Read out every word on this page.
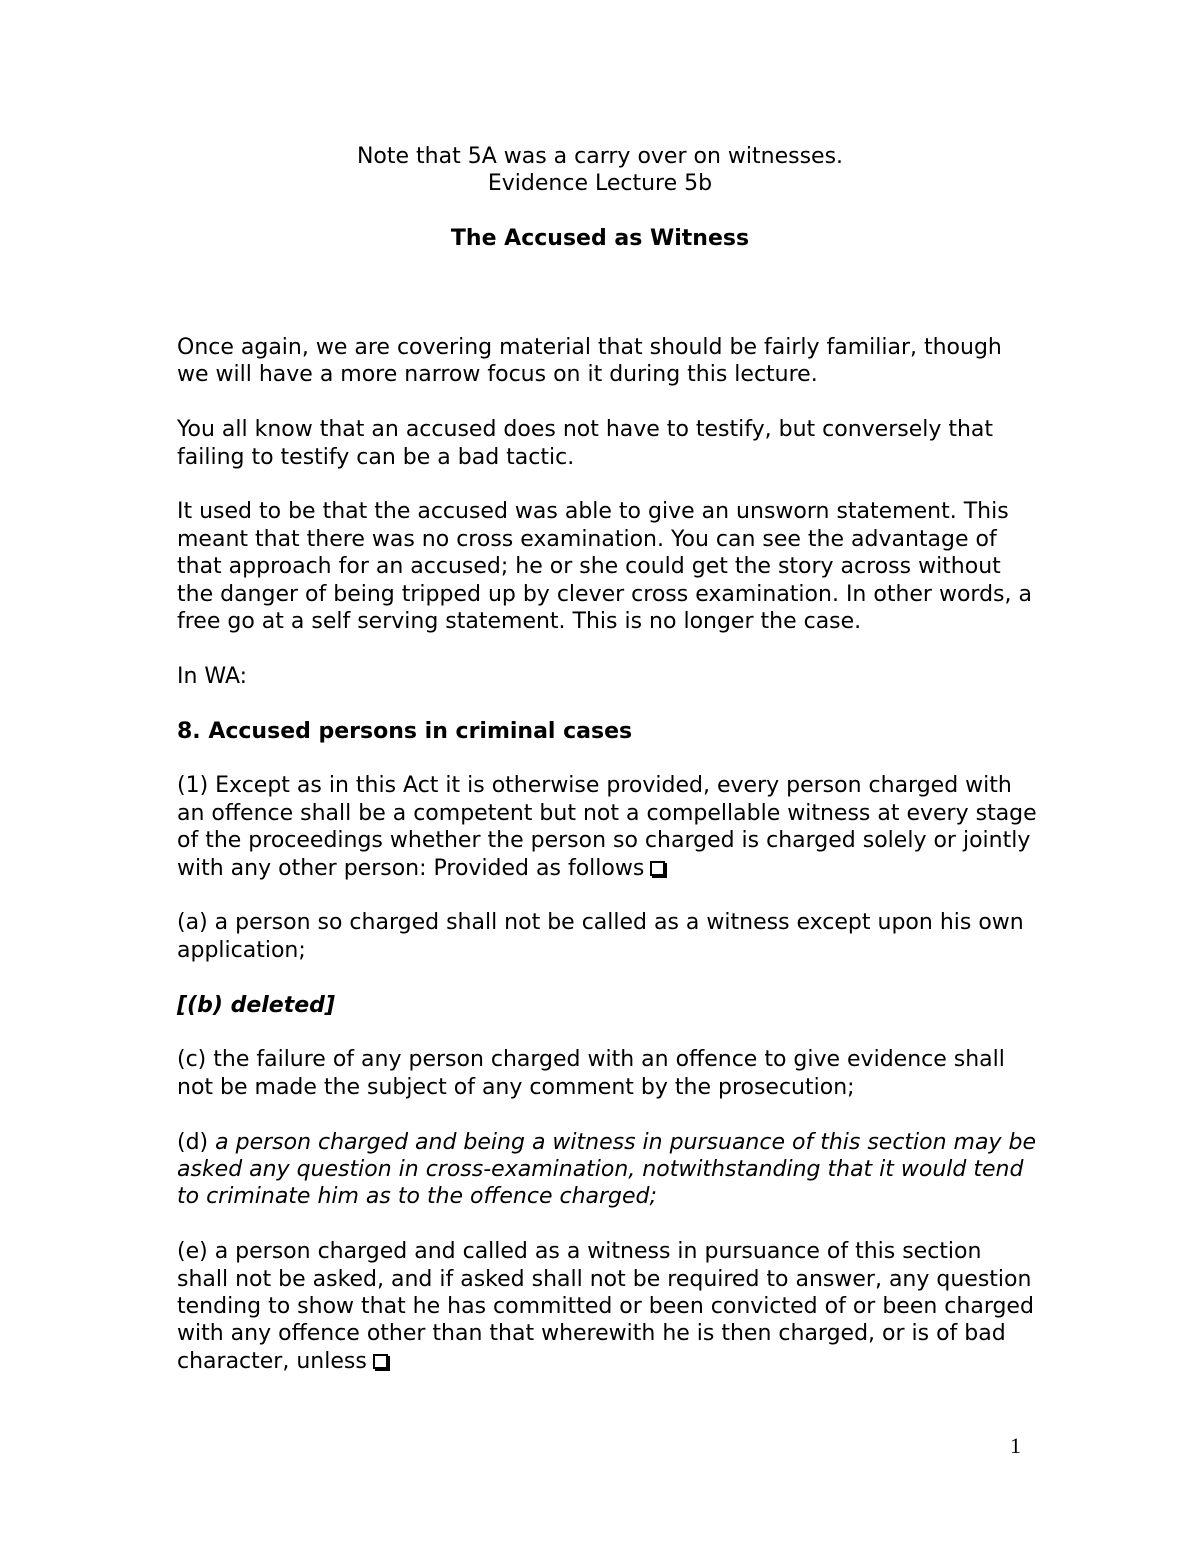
Note that 5A was a carry over on witnesses.
Evidence Lecture 5b
The Accused as Witness

Once again, we are covering material that should be fairly familiar, though we will have a more narrow focus on it during this lecture.

You all know that an accused does not have to testify, but conversely that failing to testify can be a bad tactic.

It used to be that the accused was able to give an unsworn statement. This meant that there was no cross examination. You can see the advantage of that approach for an accused; he or she could get the story across without the danger of being tripped up by clever cross examination. In other words, a free go at a self serving statement. This is no longer the case.

In WA:

8. Accused persons in criminal cases

(1) Except as in this Act it is otherwise provided, every person charged with an offence shall be a competent but not a compellable witness at every stage of the proceedings whether the person so charged is charged solely or jointly with any other person: Provided as follows

(a) a person so charged shall not be called as a witness except upon his own application;

[(b) deleted]

(c) the failure of any person charged with an offence to give evidence shall not be made the subject of any comment by the prosecution;

(d) a person charged and being a witness in pursuance of this section may be asked any question in cross-examination, notwithstanding that it would tend to criminate him as to the offence charged;

(e) a person charged and called as a witness in pursuance of this section shall not be asked, and if asked shall not be required to answer, any question tending to show that he has committed or been convicted of or been charged with any offence other than that wherewith he is then charged, or is of bad character, unless

1
